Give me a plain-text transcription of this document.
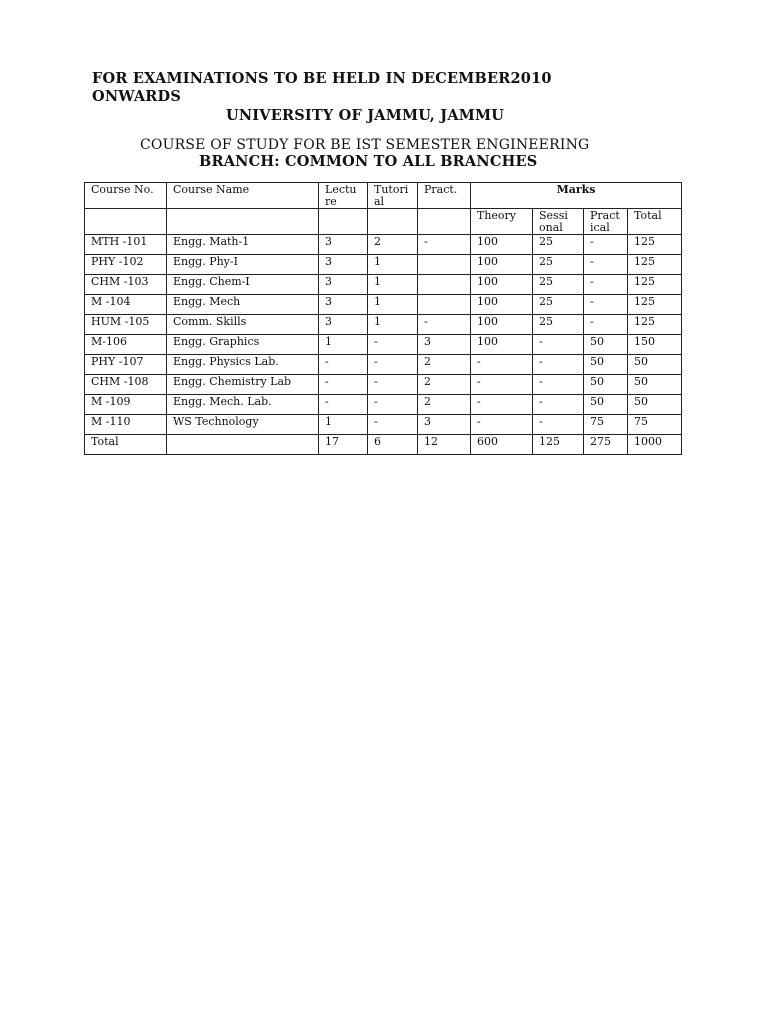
FOR EXAMINATIONS TO BE HELD IN DECEMBER2010
ONWARDS
UNIVERSITY OF JAMMU, JAMMU
COURSE OF STUDY FOR BE IST SEMESTER ENGINEERING
BRANCH: COMMON TO ALL BRANCHES
Course No.	Course Name	Lectu re	Tutori al	Pract.	Marks			
					Theory	Sessi onal	Pract ical	Total
MTH -101	Engg. Math-1	3	2	-	100	25	-	125
PHY -102	Engg. Phy-I	3	1		100	25	-	125
CHM -103	Engg. Chem-I	3	1		100	25	-	125
M -104	Engg. Mech	3	1		100	25	-	125
HUM -105	Comm. Skills	3	1	-	100	25	-	125
M-106	Engg. Graphics	1	-	3	100	-	50	150
PHY -107	Engg. Physics Lab.	-	-	2	-	-	50	50
CHM -108	Engg. Chemistry Lab	-	-	2	-	-	50	50
M -109	Engg. Mech. Lab.	-	-	2	-	-	50	50
M -110	WS Technology	1	-	3	-	-	75	75
Total		17	6	12	600	125	275	1000
